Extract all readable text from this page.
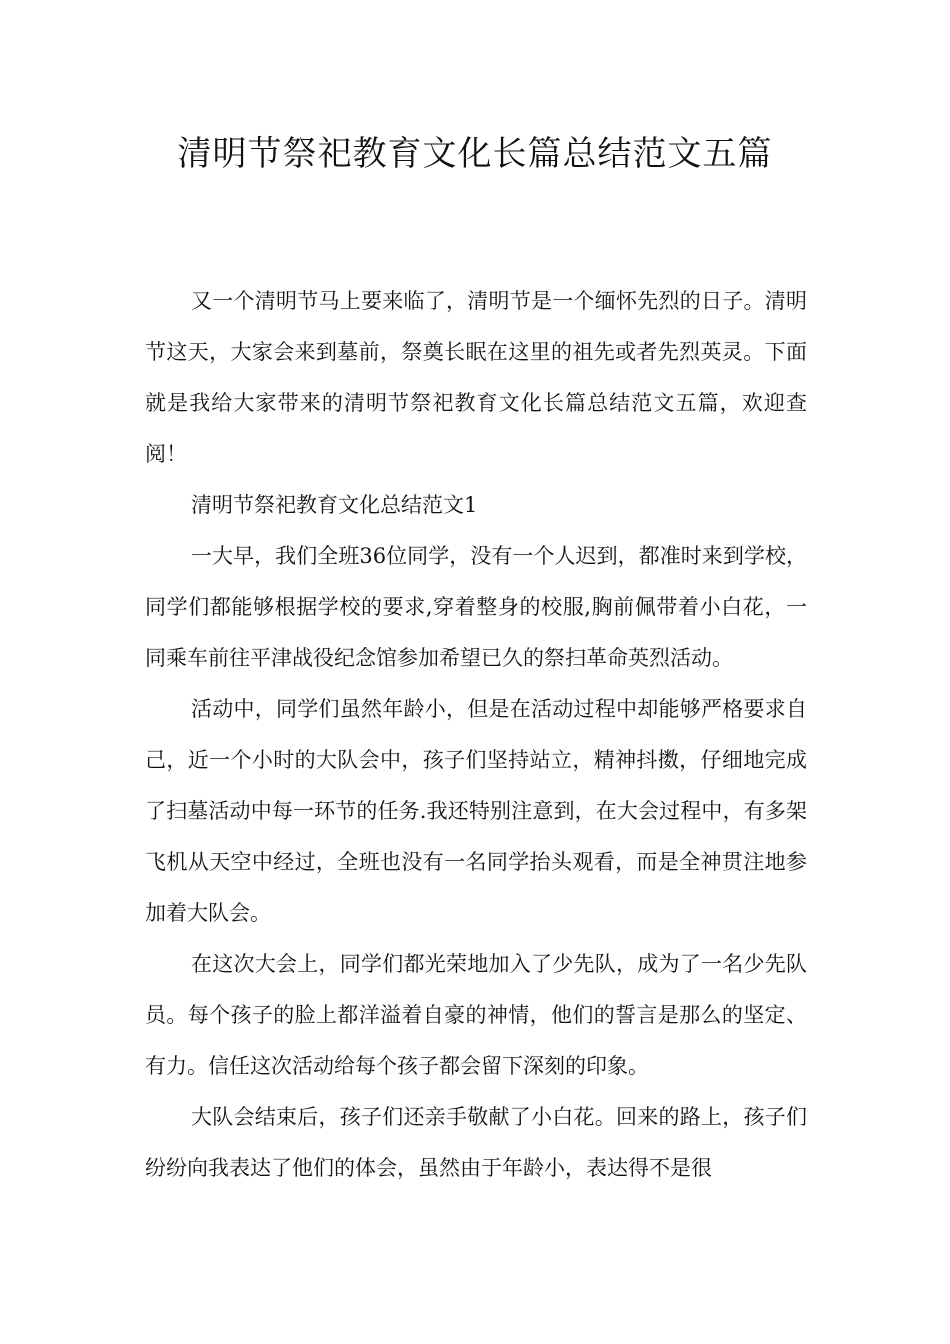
清明节祭祀教育文化长篇总结范文五篇

又一个清明节马上要来临了，清明节是一个缅怀先烈的日子。清明节这天，大家会来到墓前，祭奠长眠在这里的祖先或者先烈英灵。下面就是我给大家带来的清明节祭祀教育文化长篇总结范文五篇，欢迎查阅！

清明节祭祀教育文化总结范文1

一大早，我们全班36位同学，没有一个人迟到，都准时来到学校，同学们都能够根据学校的要求,穿着整身的校服,胸前佩带着小白花，一同乘车前往平津战役纪念馆参加希望已久的祭扫革命英烈活动。

活动中，同学们虽然年龄小，但是在活动过程中却能够严格要求自己，近一个小时的大队会中，孩子们坚持站立，精神抖擞，仔细地完成了扫墓活动中每一环节的任务.我还特别注意到，在大会过程中，有多架飞机从天空中经过，全班也没有一名同学抬头观看，而是全神贯注地参加着大队会。

在这次大会上，同学们都光荣地加入了少先队，成为了一名少先队员。每个孩子的脸上都洋溢着自豪的神情，他们的誓言是那么的坚定、有力。信任这次活动给每个孩子都会留下深刻的印象。

大队会结束后，孩子们还亲手敬献了小白花。回来的路上，孩子们纷纷向我表达了他们的体会，虽然由于年龄小，表达得不是很
